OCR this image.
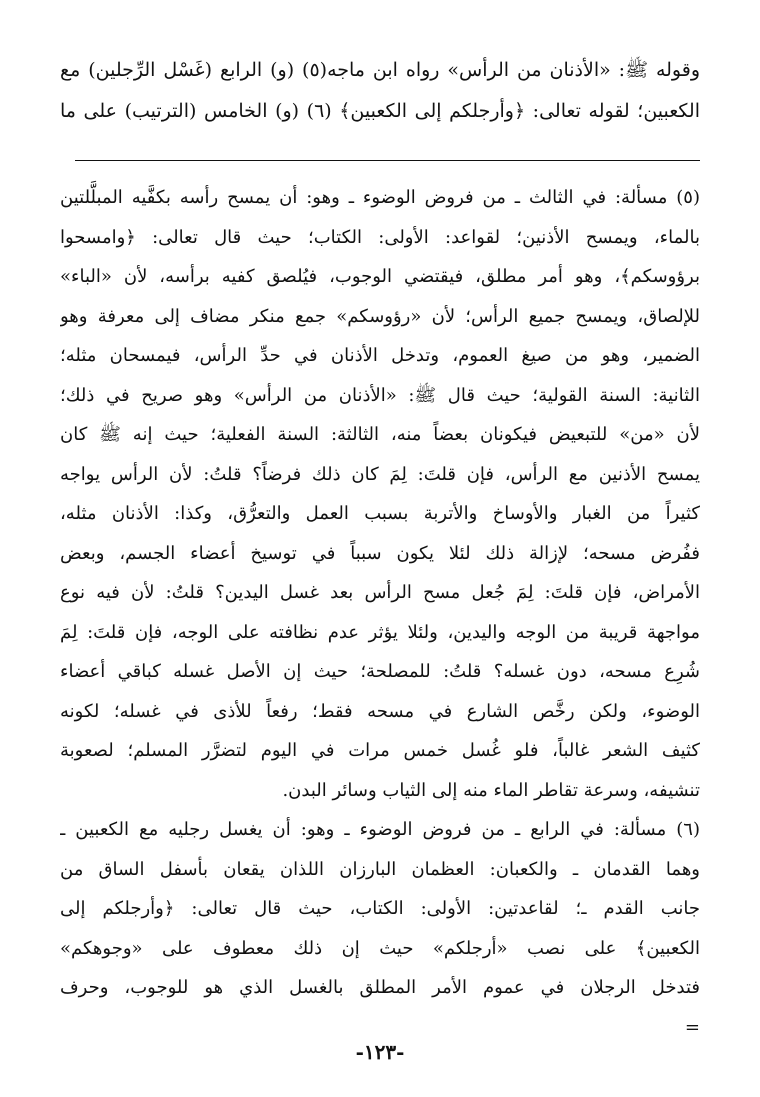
وقوله ﷺ: «الأذنان من الرأس» رواه ابن ماجه(٥) (و) الرابع (غَسْل الرِّجلين) مع
الكعبين؛ لقوله تعالى: ﴿وأرجلكم إلى الكعبين﴾ (٦) (و) الخامس (الترتيب) على ما
(٥) مسألة: في الثالث ـ من فروض الوضوء ـ وهو: أن يمسح رأسه بكفَّيه المبلَّلتين
بالماء، ويمسح الأذنين؛ لقواعد: الأولى: الكتاب؛ حيث قال تعالى: ﴿وامسحوا
برؤوسكم﴾، وهو أمر مطلق، فيقتضي الوجوب، فيُلصق كفيه برأسه، لأن «الباء»
للإلصاق، ويمسح جميع الرأس؛ لأن «رؤوسكم» جمع منكر مضاف إلى معرفة وهو
الضمير، وهو من صيغ العموم، وتدخل الأذنان في حدِّ الرأس، فيمسحان مثله؛
الثانية: السنة القولية؛ حيث قال ﷺ: «الأذنان من الرأس» وهو صريح في ذلك؛
لأن «من» للتبعيض فيكونان بعضاً منه، الثالثة: السنة الفعلية؛ حيث إنه ﷺ كان
يمسح الأذنين مع الرأس، فإن قلتَ: لِمَ كان ذلك فرضاً؟ قلتُ: لأن الرأس يواجه
كثيراً من الغبار والأوساخ والأتربة بسبب العمل والتعرُّق، وكذا: الأذنان مثله،
ففُرض مسحه؛ لإزالة ذلك لئلا يكون سبباً في توسيخ أعضاء الجسم، وبعض
الأمراض، فإن قلتَ: لِمَ جُعل مسح الرأس بعد غسل اليدين؟ قلتُ: لأن فيه نوع
مواجهة قريبة من الوجه واليدين، ولئلا يؤثر عدم نظافته على الوجه، فإن قلتَ: لِمَ
شُرِع مسحه، دون غسله؟ قلتُ: للمصلحة؛ حيث إن الأصل غسله كباقي أعضاء
الوضوء، ولكن رخَّص الشارع في مسحه فقط؛ رفعاً للأذى في غسله؛ لكونه
كثيف الشعر غالباً، فلو غُسل خمس مرات في اليوم لتضرَّر المسلم؛ لصعوبة
تنشيفه، وسرعة تقاطر الماء منه إلى الثياب وسائر البدن.
(٦) مسألة: في الرابع ـ من فروض الوضوء ـ وهو: أن يغسل رجليه مع الكعبين ـ
وهما القدمان ـ والكعبان: العظمان البارزان اللذان يقعان بأسفل الساق من
جانب القدم ـ؛ لقاعدتين: الأولى: الكتاب، حيث قال تعالى: ﴿وأرجلكم إلى
الكعبين﴾ على نصب «أرجلكم» حيث إن ذلك معطوف على «وجوهكم»
فتدخل الرجلان في عموم الأمر المطلق بالغسل الذي هو للوجوب، وحرف
=
-١٢٣-
